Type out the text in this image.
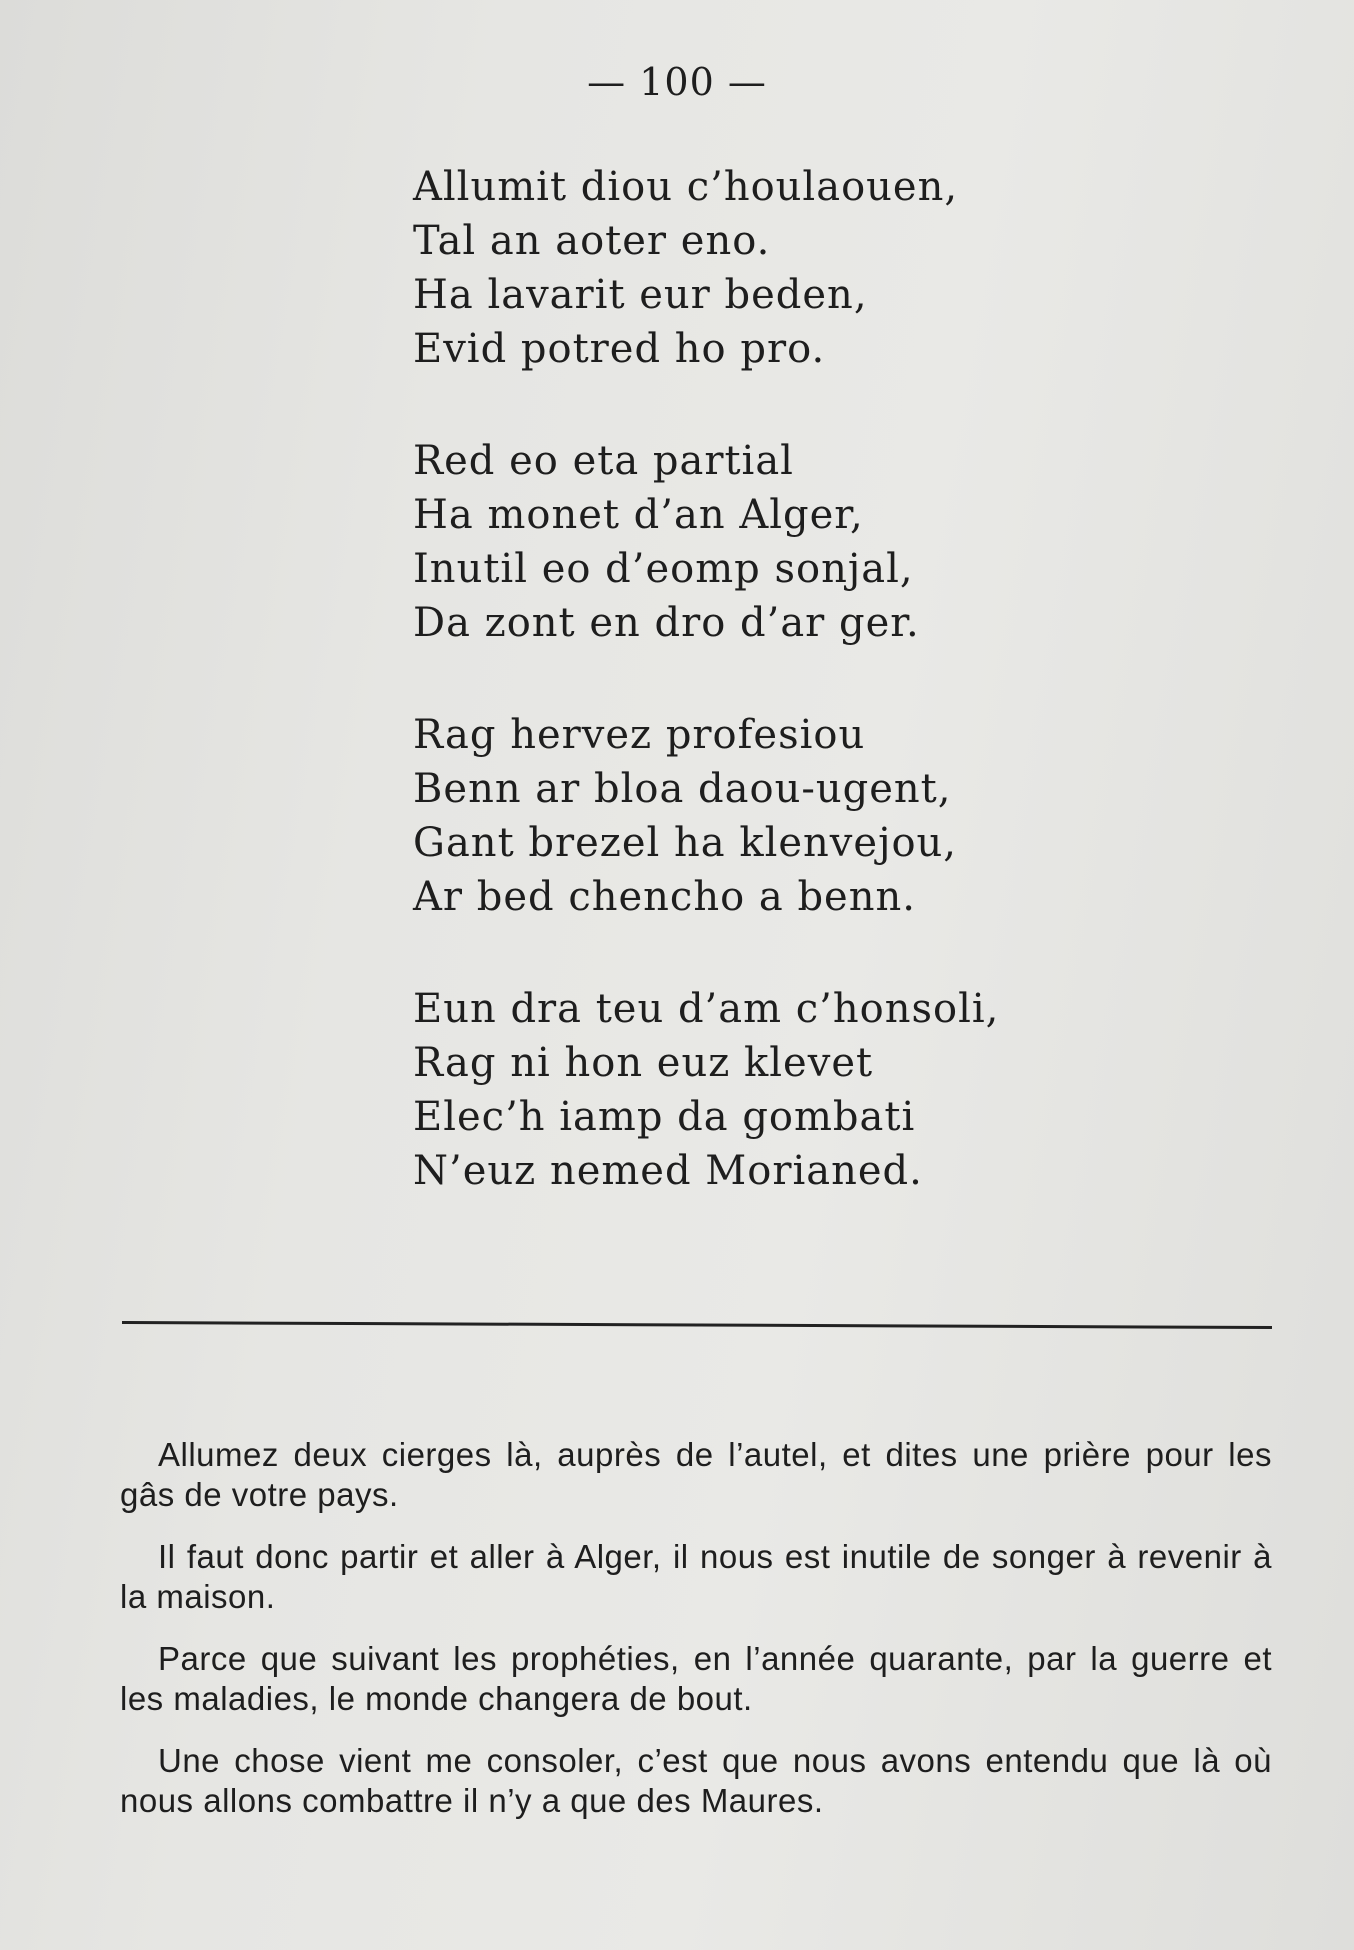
— 100 —
Allumit diou c’houlaouen,
Tal an aoter eno.
Ha lavarit eur beden,
Evid potred ho pro.
Red eo eta partial
Ha monet d’an Alger,
Inutil eo d’eomp sonjal,
Da zont en dro d’ar ger.
Rag hervez profesiou
Benn ar bloa daou-ugent,
Gant brezel ha klenvejou,
Ar bed chencho a benn.
Eun dra teu d’am c’honsoli,
Rag ni hon euz klevet
Elec’h iamp da gombati
N’euz nemed Morianed.

Allumez deux cierges là, auprès de l’autel, et dites une prière pour les gâs de votre pays.

Il faut donc partir et aller à Alger, il nous est inutile de songer à revenir à la maison.

Parce que suivant les prophéties, en l’année quarante, par la guerre et les maladies, le monde changera de bout.

Une chose vient me consoler, c’est que nous avons entendu que là où nous allons combattre il n’y a que des Maures.
